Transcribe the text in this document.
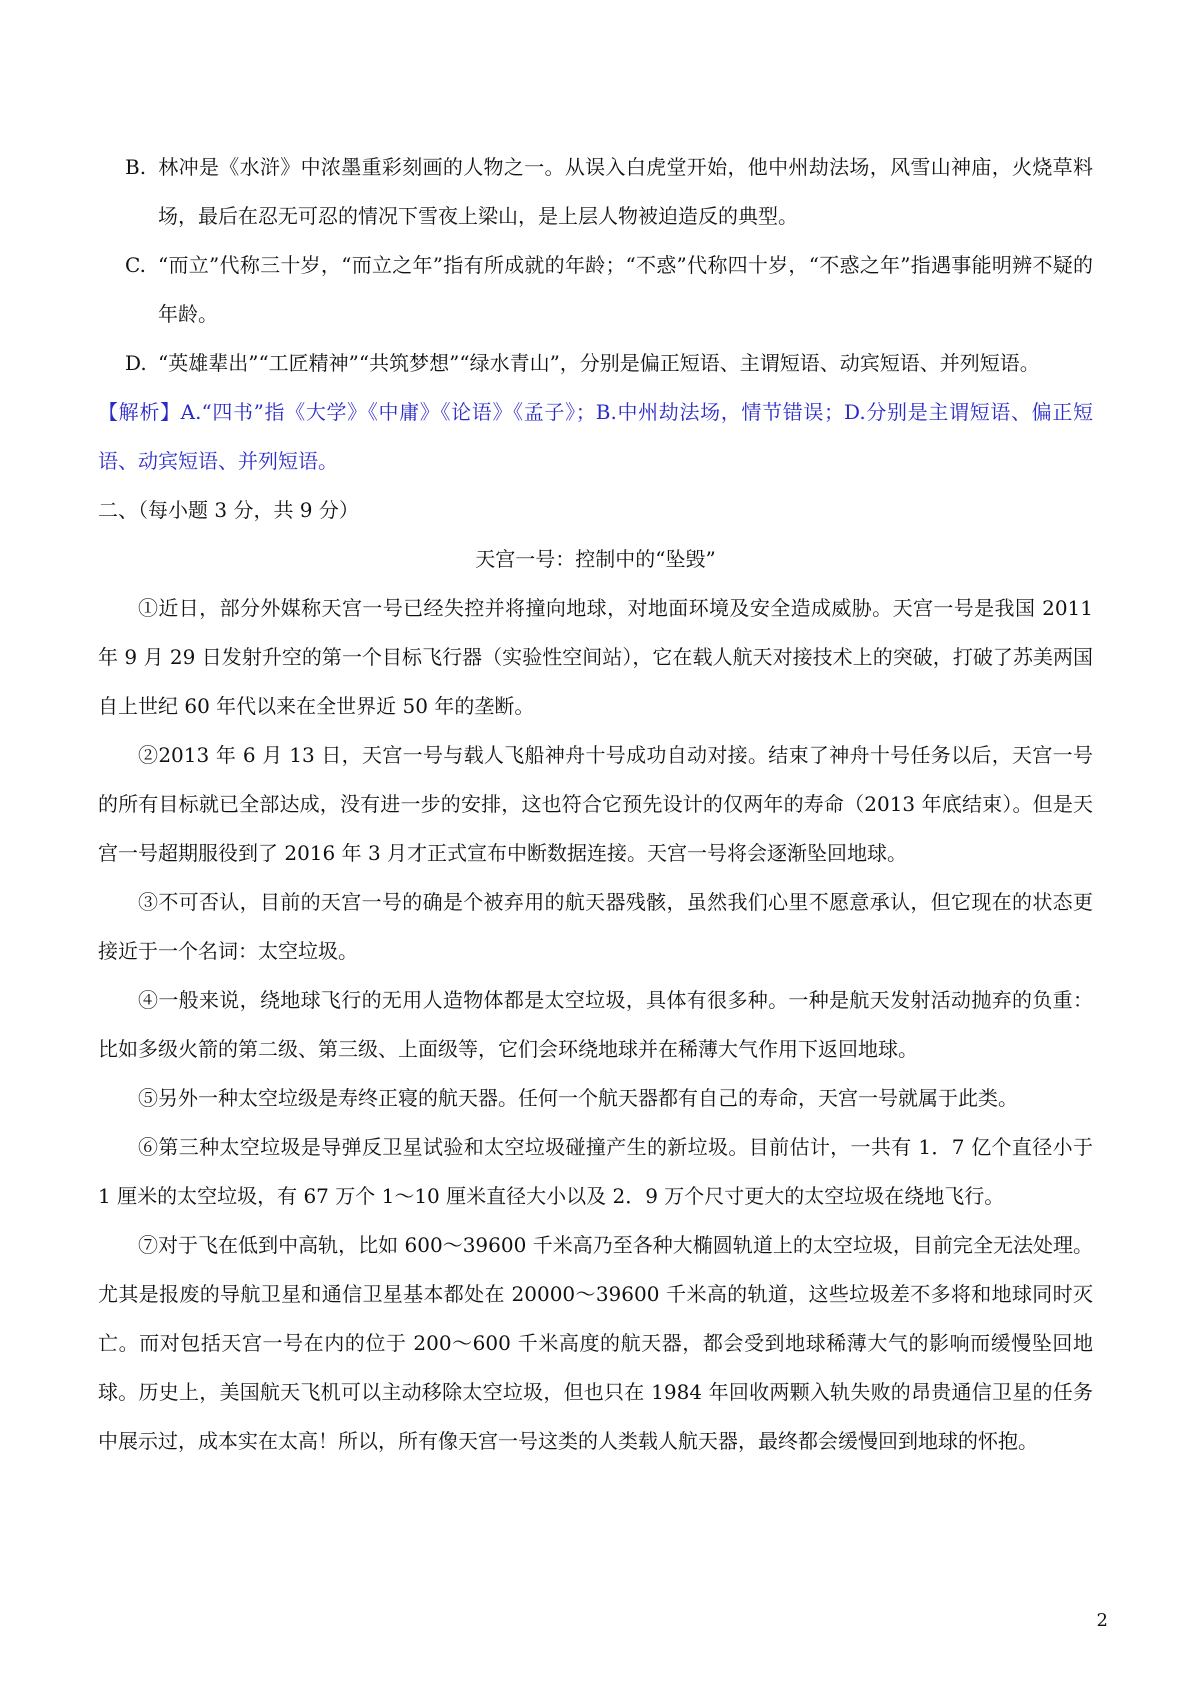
B. 林冲是《水浒》中浓墨重彩刻画的人物之一。从误入白虎堂开始，他中州劫法场，风雪山神庙，火烧草料场，最后在忍无可忍的情况下雪夜上梁山，是上层人物被迫造反的典型。

C. “而立”代称三十岁，“而立之年”指有所成就的年龄；“不惑”代称四十岁，“不惑之年”指遇事能明辨不疑的年龄。

D. “英雄辈出”“工匠精神”“共筑梦想”“绿水青山”，分别是偏正短语、主谓短语、动宾短语、并列短语。

【解析】A.“四书”指《大学》《中庸》《论语》《孟子》；B.中州劫法场，情节错误；D.分别是主谓短语、偏正短语、动宾短语、并列短语。

二、（每小题 3 分，共 9 分）

天宫一号：控制中的“坠毁”

①近日，部分外媒称天宫一号已经失控并将撞向地球，对地面环境及安全造成威胁。天宫一号是我国 2011 年 9 月 29 日发射升空的第一个目标飞行器（实验性空间站），它在载人航天对接技术上的突破，打破了苏美两国自上世纪 60 年代以来在全世界近 50 年的垄断。

②2013 年 6 月 13 日，天宫一号与载人飞船神舟十号成功自动对接。结束了神舟十号任务以后，天宫一号的所有目标就已全部达成，没有进一步的安排，这也符合它预先设计的仅两年的寿命（2013 年底结束）。但是天宫一号超期服役到了 2016 年 3 月才正式宣布中断数据连接。天宫一号将会逐渐坠回地球。

③不可否认，目前的天宫一号的确是个被弃用的航天器残骸，虽然我们心里不愿意承认，但它现在的状态更接近于一个名词：太空垃圾。

④一般来说，绕地球飞行的无用人造物体都是太空垃圾，具体有很多种。一种是航天发射活动抛弃的负重：比如多级火箭的第二级、第三级、上面级等，它们会环绕地球并在稀薄大气作用下返回地球。

⑤另外一种太空垃级是寿终正寝的航天器。任何一个航天器都有自己的寿命，天宫一号就属于此类。

⑥第三种太空垃圾是导弹反卫星试验和太空垃圾碰撞产生的新垃圾。目前估计，一共有 1．7 亿个直径小于 1 厘米的太空垃圾，有 67 万个 1～10 厘米直径大小以及 2．9 万个尺寸更大的太空垃圾在绕地飞行。

⑦对于飞在低到中高轨，比如 600～39600 千米高乃至各种大椭圆轨道上的太空垃圾，目前完全无法处理。尤其是报废的导航卫星和通信卫星基本都处在 20000～39600 千米高的轨道，这些垃圾差不多将和地球同时灭亡。而对包括天宫一号在内的位于 200～600 千米高度的航天器，都会受到地球稀薄大气的影响而缓慢坠回地球。历史上，美国航天飞机可以主动移除太空垃圾，但也只在 1984 年回收两颗入轨失败的昂贵通信卫星的任务中展示过，成本实在太高！所以，所有像天宫一号这类的人类载人航天器，最终都会缓慢回到地球的怀抱。

2
